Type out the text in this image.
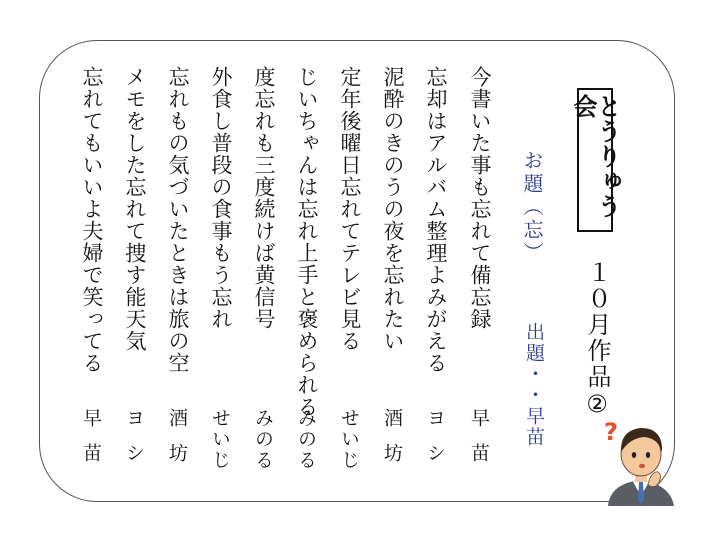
とうりゅう会
１０月作品②
お題（忘）
出題・・早苗
今書いた事も忘れて備忘録
忘却はアルバム整理よみがえる
泥酔のきのうの夜を忘れたい
定年後曜日忘れてテレビ見る
じいちゃんは忘れ上手と褒められる
度忘れも三度続けば黄信号
外食し普段の食事もう忘れ
忘れもの気づいたときは旅の空
メモをした忘れて捜す能天気
忘れてもいいよ夫婦で笑ってる
早苗
ヨシ
酒坊
せいじ
みのる
みのる
せいじ
酒坊
ヨシ
早苗	?
